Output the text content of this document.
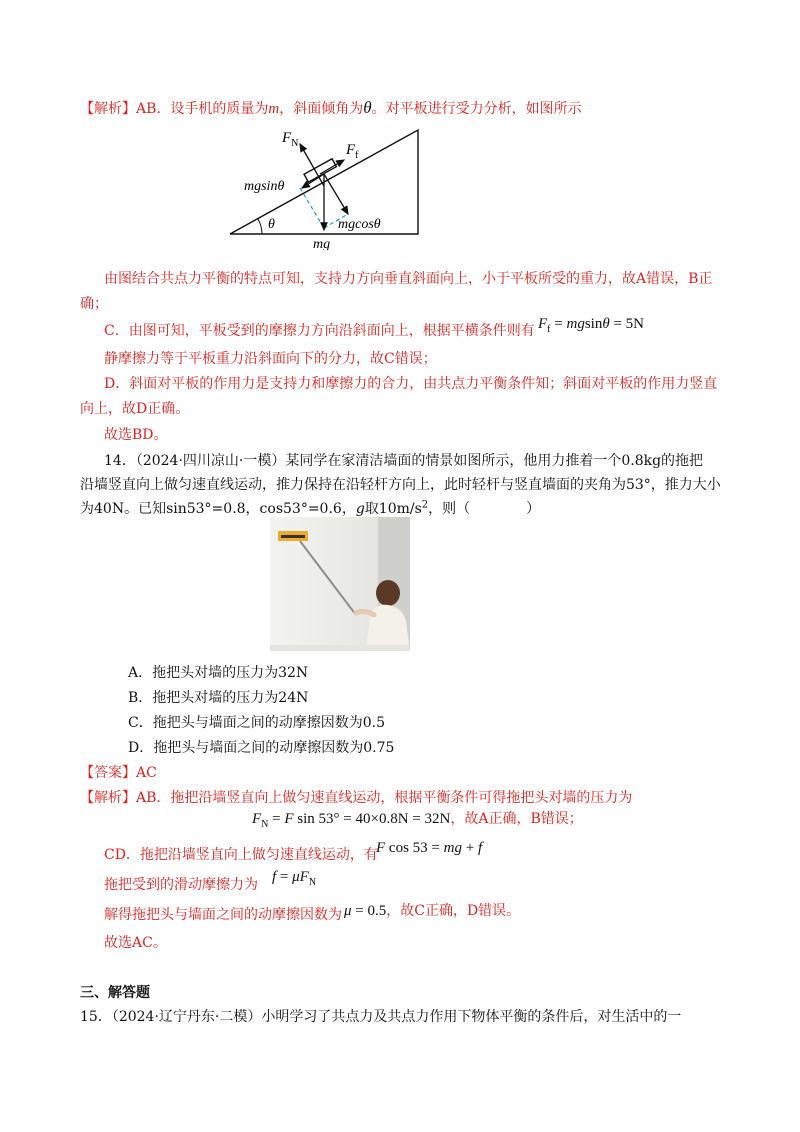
【解析】AB．设手机的质量为m，斜面倾角为θ。对平板进行受力分析，如图所示
$F_N$	$F_f$
mgsinθ
mgcosθ
θ
mg
由图结合共点力平衡的特点可知，支持力方向垂直斜面向上，小于平板所受的重力，故A错误，B正
确；
C．由图可知，平板受到的摩擦力方向沿斜面向上，根据平横条件则有 $F_f = mgsin\theta = 5N$
静摩擦力等于平板重力沿斜面向下的分力，故C错误；
D．斜面对平板的作用力是支持力和摩擦力的合力，由共点力平衡条件知；斜面对平板的作用力竖直
向上，故D正确。
故选BD。
14．（2024·四川凉山·一模）某同学在家清洁墙面的情景如图所示，他用力推着一个0.8kg的拖把
沿墙竖直向上做匀速直线运动，推力保持在沿轻杆方向上，此时轻杆与竖直墙面的夹角为53°，推力大小
为40N。已知sin53°=0.8，cos53°=0.6，g取$10m/s^2$，则（　　　　）
A．拖把头对墙的压力为32N
B．拖把头对墙的压力为24N
C．拖把头与墙面之间的动摩擦因数为0.5
D．拖把头与墙面之间的动摩擦因数为0.75
【答案】AC
【解析】AB．拖把沿墙竖直向上做匀速直线运动，根据平衡条件可得拖把头对墙的压力为
$F_N = F$ sin 53° = 40×0.8N = 32N，故A正确，B错误；
CD．拖把沿墙竖直向上做匀速直线运动，有
F cos 53 = mg + f
拖把受到的滑动摩擦力为 $f = \mu F_N$
解得拖把头与墙面之间的动摩擦因数为 μ = 0.5，故C正确，D错误。
故选AC。
三、解答题
15．（2024·辽宁丹东·二模）小明学习了共点力及共点力作用下物体平衡的条件后，对生活中的一
